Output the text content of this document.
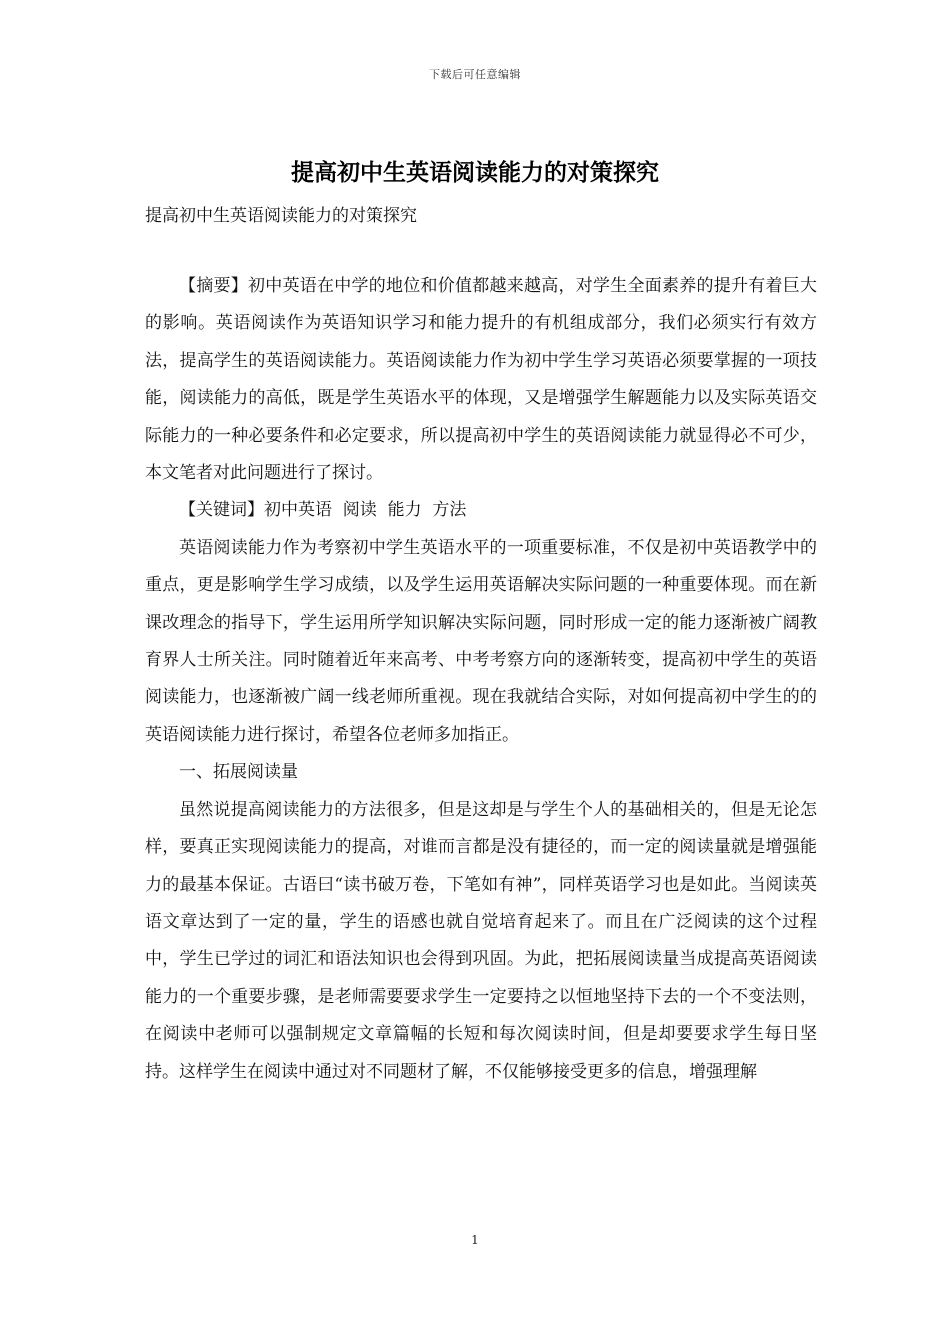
下载后可任意编辑
提高初中生英语阅读能力的对策探究
提高初中生英语阅读能力的对策探究

【摘要】初中英语在中学的地位和价值都越来越高，对学生全面素养的提升有着巨大的影响。英语阅读作为英语知识学习和能力提升的有机组成部分，我们必须实行有效方法，提高学生的英语阅读能力。英语阅读能力作为初中学生学习英语必须要掌握的一项技能，阅读能力的高低，既是学生英语水平的体现，又是增强学生解题能力以及实际英语交际能力的一种必要条件和必定要求，所以提高初中学生的英语阅读能力就显得必不可少，本文笔者对此问题进行了探讨。

【关键词】初中英语  阅读  能力  方法

英语阅读能力作为考察初中学生英语水平的一项重要标准，不仅是初中英语教学中的重点，更是影响学生学习成绩，以及学生运用英语解决实际问题的一种重要体现。而在新课改理念的指导下，学生运用所学知识解决实际问题，同时形成一定的能力逐渐被广阔教育界人士所关注。同时随着近年来高考、中考考察方向的逐渐转变，提高初中学生的英语阅读能力，也逐渐被广阔一线老师所重视。现在我就结合实际，对如何提高初中学生的的英语阅读能力进行探讨，希望各位老师多加指正。

一、拓展阅读量

虽然说提高阅读能力的方法很多，但是这却是与学生个人的基础相关的，但是无论怎样，要真正实现阅读能力的提高，对谁而言都是没有捷径的，而一定的阅读量就是增强能力的最基本保证。古语曰“读书破万卷，下笔如有神”，同样英语学习也是如此。当阅读英语文章达到了一定的量，学生的语感也就自觉培育起来了。而且在广泛阅读的这个过程中，学生已学过的词汇和语法知识也会得到巩固。为此，把拓展阅读量当成提高英语阅读能力的一个重要步骤，是老师需要要求学生一定要持之以恒地坚持下去的一个不变法则，在阅读中老师可以强制规定文章篇幅的长短和每次阅读时间，但是却要要求学生每日坚持。这样学生在阅读中通过对不同题材了解，不仅能够接受更多的信息，增强理解

1
